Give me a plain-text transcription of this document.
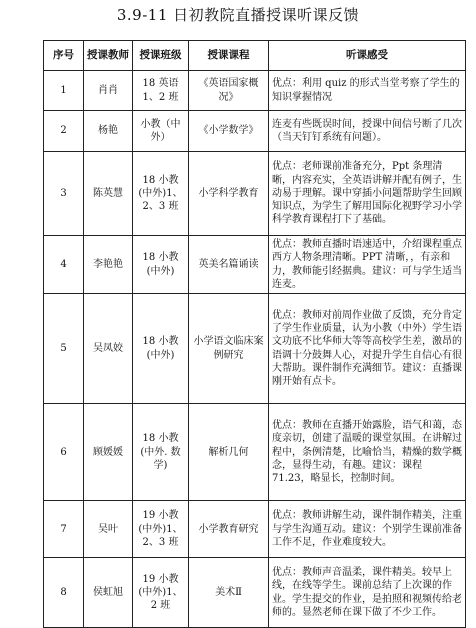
3.9-11 日初教院直播授课听课反馈
序号	授课教师	授课班级	授课课程	听课感受
1	肖肖	18 英语 1、2 班	《英语国家概况》	优点：利用 quiz 的形式当堂考察了学生的知识掌握情况
2	杨艳	小教（中外）	《小学数学》	连麦有些既误时间，授课中间信号断了几次（当天钉钉系统有问题）。
3	陈英慧	18 小教(中外)1、2、3 班	小学科学教育	优点：老师课前准备充分，Ppt 条理清晰，内容充实，全英语讲解并配有例子，生动易于理解。课中穿插小问题帮助学生回顾知识点，为学生了解用国际化视野学习小学科学教育课程打下了基础。
4	李艳艳	18 小教(中外)	英美名篇诵读	优点：教师直播时语速适中，介绍课程重点西方人物条理清晰。PPT 清晰，，有亲和力，教师能引经据典。建议：可与学生适当连麦。
5	吴凤姣	18 小教(中外)	小学语文临床案例研究	优点：教师对前周作业做了反馈，充分肯定了学生作业质量，认为小教（中外）学生语文功底不比华师大等等高校学生差，激昂的语调十分鼓舞人心，对提升学生自信心有很大帮助。课件制作充满细节。建议：直播课刚开始有点卡。
6	顾媛媛	18 小教(中外. 数学)	解析几何	优点：教师在直播开始露脸，语气和蔼，态度亲切，创建了温暖的课堂氛围。在讲解过程中，条例清楚，比喻恰当，精燥的数学概念，显得生动，有趣。建议：课程 71.23，略显长，控制时间。
7	吴叶	19 小教(中外)1、2、3 班	小学教育研究	优点：教师讲解生动，课件制作精美，注重与学生沟通互动。建议：个别学生课前准备工作不足，作业难度较大。
8	侯虹旭	19 小教(中外)1、2 班	美术Ⅱ	优点：教师声音温柔，课件精美。较早上线，在线等学生。课前总结了上次课的作业。学生提交的作业，是拍照和视频传给老师的。显然老师在课下做了不少工作。
